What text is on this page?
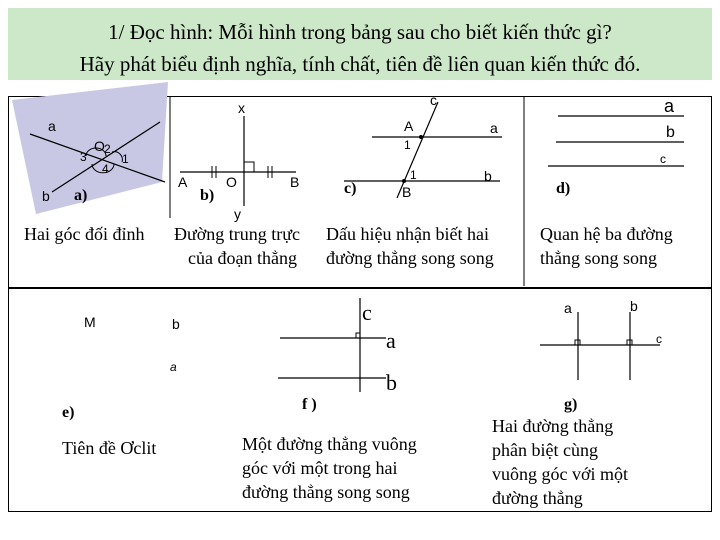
1/ Đọc hình: Mỗi hình trong bảng sau cho biết kiến thức gì?
Hãy phát biểu định nghĩa, tính chất, tiên đề liên quan kiến thức đó.
a
b
O
1
2
3
4
a)
Hai góc đối đỉnh
A	O	B
x
y
b)
Đường trung trực
của đoạn thẳng
c
a
b
A
B
1
1
c)
Dấu hiệu nhận biết hai
đường thẳng song song
a
b
c
d)
Quan hệ ba đường
thẳng song song
M	b
a
e)
Tiên đề Ơclit
c
a
b
f )
Một đường thẳng vuông
góc với một trong hai
đường thẳng song song
a	b
c
g)
Hai đường thẳng
phân biệt cùng
vuông góc với một
đường thẳng
